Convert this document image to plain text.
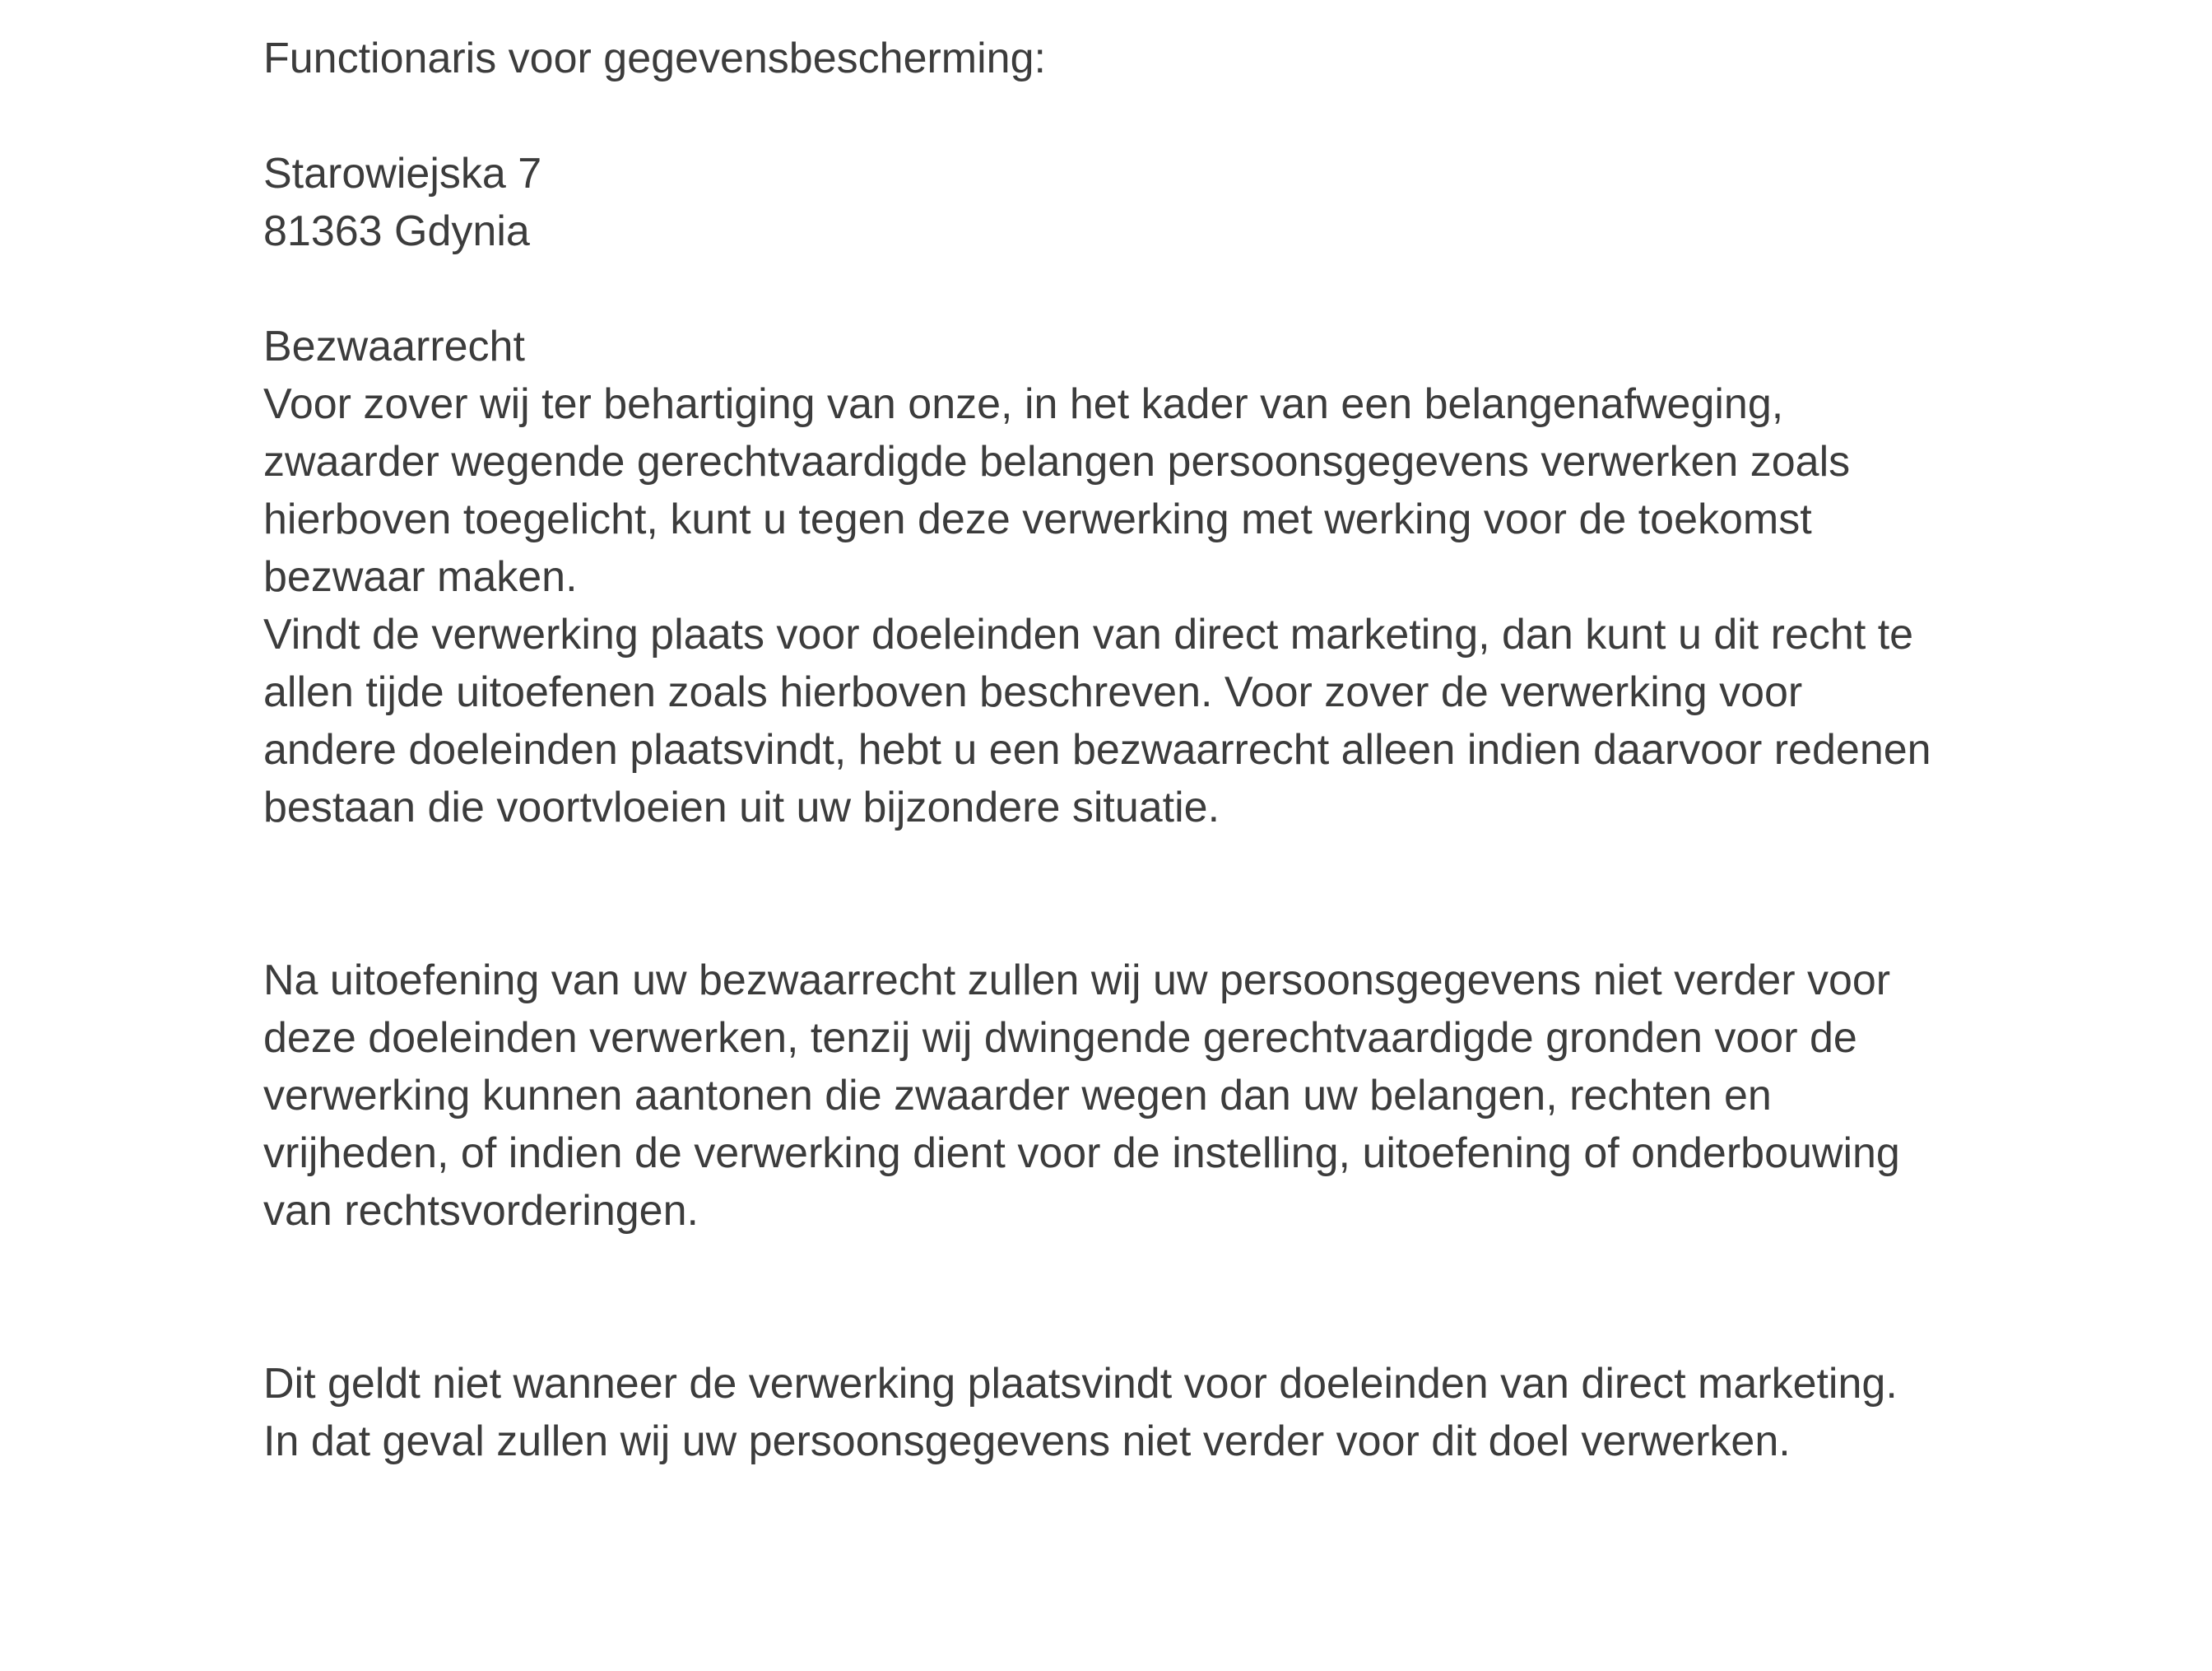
Functionaris voor gegevensbescherming:
Starowiejska 7
81363 Gdynia
Bezwaarrecht
Voor zover wij ter behartiging van onze, in het kader van een belangenafweging,
zwaarder wegende gerechtvaardigde belangen persoonsgegevens verwerken zoals
hierboven toegelicht, kunt u tegen deze verwerking met werking voor de toekomst
bezwaar maken.
Vindt de verwerking plaats voor doeleinden van direct marketing, dan kunt u dit recht te
allen tijde uitoefenen zoals hierboven beschreven. Voor zover de verwerking voor
andere doeleinden plaatsvindt, hebt u een bezwaarrecht alleen indien daarvoor redenen
bestaan die voortvloeien uit uw bijzondere situatie.
Na uitoefening van uw bezwaarrecht zullen wij uw persoonsgegevens niet verder voor
deze doeleinden verwerken, tenzij wij dwingende gerechtvaardigde gronden voor de
verwerking kunnen aantonen die zwaarder wegen dan uw belangen, rechten en
vrijheden, of indien de verwerking dient voor de instelling, uitoefening of onderbouwing
van rechtsvorderingen.
Dit geldt niet wanneer de verwerking plaatsvindt voor doeleinden van direct marketing.
In dat geval zullen wij uw persoonsgegevens niet verder voor dit doel verwerken.
